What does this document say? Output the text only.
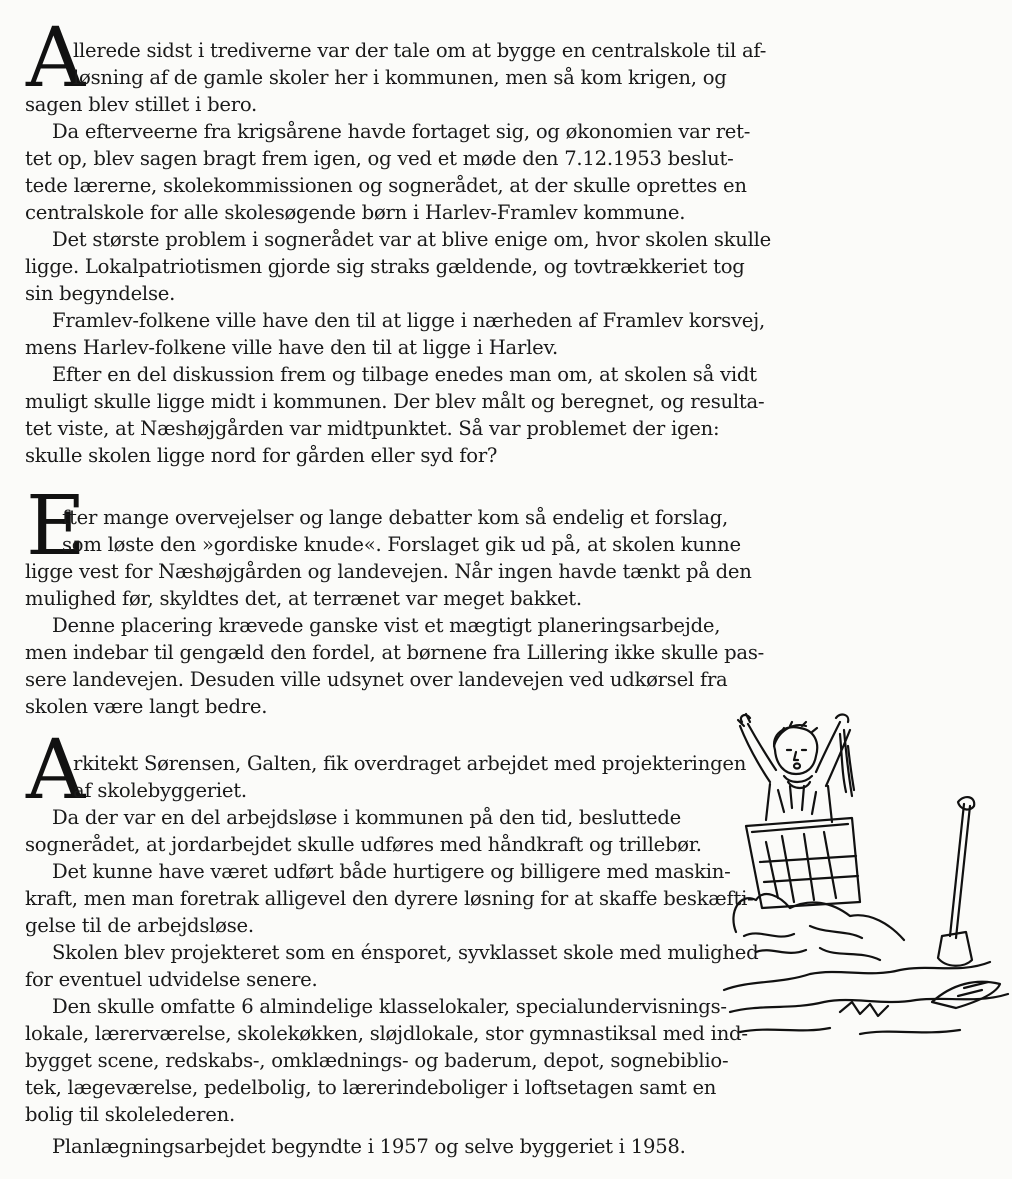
A
llerede sidst i trediverne var der tale om at bygge en centralskole til af-
løsning af de gamle skoler her i kommunen, men så kom krigen, og
sagen blev stillet i bero.
Da efterveerne fra krigsårene havde fortaget sig, og økonomien var ret-
tet op, blev sagen bragt frem igen, og ved et møde den 7.12.1953 beslut-
tede lærerne, skolekommissionen og sognerådet, at der skulle oprettes en
centralskole for alle skolesøgende børn i Harlev-Framlev kommune.
Det største problem i sognerådet var at blive enige om, hvor skolen skulle
ligge. Lokalpatriotismen gjorde sig straks gældende, og tovtrækkeriet tog
sin begyndelse.
Framlev-folkene ville have den til at ligge i nærheden af Framlev korsvej,
mens Harlev-folkene ville have den til at ligge i Harlev.
Efter en del diskussion frem og tilbage enedes man om, at skolen så vidt
muligt skulle ligge midt i kommunen. Der blev målt og beregnet, og resulta-
tet viste, at Næshøjgården var midtpunktet. Så var problemet der igen:
skulle skolen ligge nord for gården eller syd for?
E
fter mange overvejelser og lange debatter kom så endelig et forslag,
som løste den »gordiske knude«. Forslaget gik ud på, at skolen kunne
ligge vest for Næshøjgården og landevejen. Når ingen havde tænkt på den
mulighed før, skyldtes det, at terrænet var meget bakket.
Denne placering krævede ganske vist et mægtigt planeringsarbejde,
men indebar til gengæld den fordel, at børnene fra Lillering ikke skulle pas-
sere landevejen. Desuden ville udsynet over landevejen ved udkørsel fra
skolen være langt bedre.
A
rkitekt Sørensen, Galten, fik overdraget arbejdet med projekteringen
af skolebyggeriet.
Da der var en del arbejdsløse i kommunen på den tid, besluttede
sognerådet, at jordarbejdet skulle udføres med håndkraft og trillebør.
Det kunne have været udført både hurtigere og billigere med maskin-
kraft, men man foretrak alligevel den dyrere løsning for at skaffe beskæfti-
gelse til de arbejdsløse.
Skolen blev projekteret som en énsporet, syvklasset skole med mulighed
for eventuel udvidelse senere.
Den skulle omfatte 6 almindelige klasselokaler, specialundervisnings-
lokale, lærerværelse, skolekøkken, sløjdlokale, stor gymnastiksal med ind-
bygget scene, redskabs-, omklædnings- og baderum, depot, sognebiblio-
tek, lægeværelse, pedelbolig, to lærerindeboliger i loftsetagen samt en
bolig til skolelederen.
Planlægningsarbejdet begyndte i 1957 og selve byggeriet i 1958.
